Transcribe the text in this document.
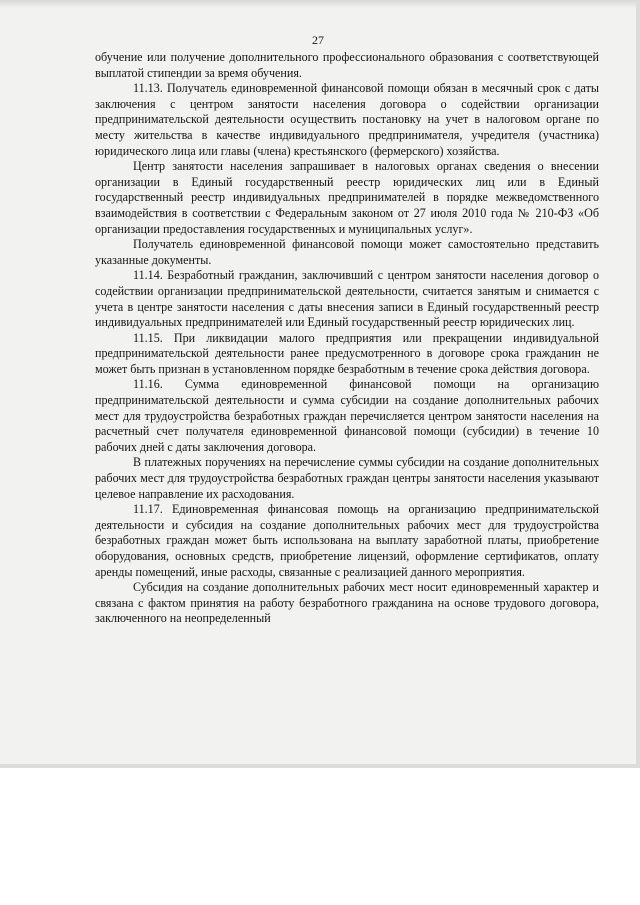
27

обучение или получение дополнительного профессионального образования с соответствующей выплатой стипендии за время обучения.

11.13. Получатель единовременной финансовой помощи обязан в месячный срок с даты заключения с центром занятости населения договора о содействии организации предпринимательской деятельности осуществить постановку на учет в налоговом органе по месту жительства в качестве индивидуального предпринимателя, учредителя (участника) юридического лица или главы (члена) крестьянского (фермерского) хозяйства.

Центр занятости населения запрашивает в налоговых органах сведения о внесении организации в Единый государственный реестр юридических лиц или в Единый государственный реестр индивидуальных предпринимателей в порядке межведомственного взаимодействия в соответствии с Федеральным законом от 27 июля 2010 года № 210-ФЗ «Об организации предоставления государственных и муниципальных услуг».

Получатель единовременной финансовой помощи может самостоятельно представить указанные документы.

11.14. Безработный гражданин, заключивший с центром занятости населения договор о содействии организации предпринимательской деятельности, считается занятым и снимается с учета в центре занятости населения с даты внесения записи в Единый государственный реестр индивидуальных предпринимателей или Единый государственный реестр юридических лиц.

11.15. При ликвидации малого предприятия или прекращении индивидуальной предпринимательской деятельности ранее предусмотренного в договоре срока гражданин не может быть признан в установленном порядке безработным в течение срока действия договора.

11.16. Сумма единовременной финансовой помощи на организацию предпринимательской деятельности и сумма субсидии на создание дополнительных рабочих мест для трудоустройства безработных граждан перечисляется центром занятости населения на расчетный счет получателя единовременной финансовой помощи (субсидии) в течение 10 рабочих дней с даты заключения договора.

В платежных поручениях на перечисление суммы субсидии на создание дополнительных рабочих мест для трудоустройства безработных граждан центры занятости населения указывают целевое направление их расходования.

11.17. Единовременная финансовая помощь на организацию предпринимательской деятельности и субсидия на создание дополнительных рабочих мест для трудоустройства безработных граждан может быть использована на выплату заработной платы, приобретение оборудования, основных средств, приобретение лицензий, оформление сертификатов, оплату аренды помещений, иные расходы, связанные с реализацией данного мероприятия.

Субсидия на создание дополнительных рабочих мест носит единовременный характер и связана с фактом принятия на работу безработного гражданина на основе трудового договора, заключенного на неопределенный
